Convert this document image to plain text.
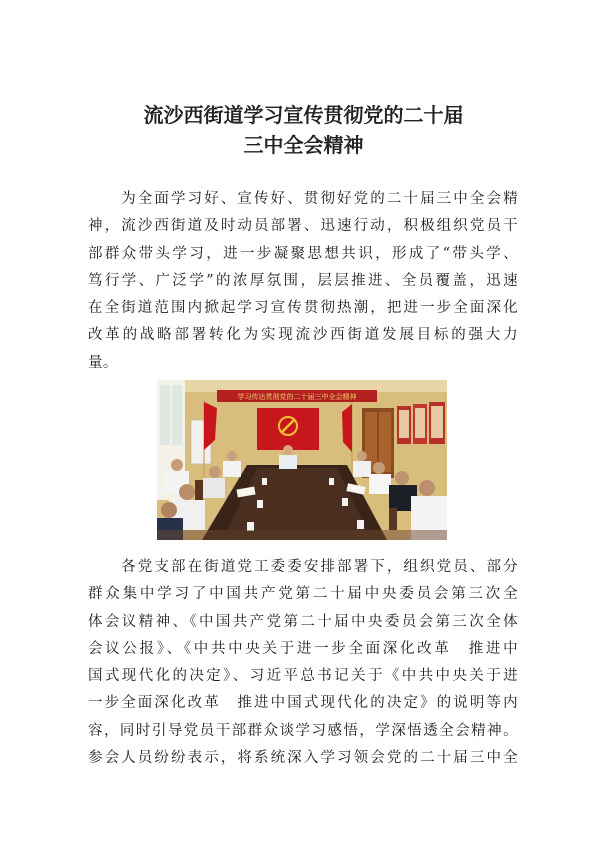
流沙西街道学习宣传贯彻党的二十届
三中全会精神
　　为全面学习好、宣传好、贯彻好党的二十届三中全会精
神，流沙西街道及时动员部署、迅速行动，积极组织党员干
部群众带头学习，进一步凝聚思想共识，形成了“带头学、
笃行学、广泛学”的浓厚氛围，层层推进、全员覆盖，迅速
在全街道范围内掀起学习宣传贯彻热潮，把进一步全面深化
改革的战略部署转化为实现流沙西街道发展目标的强大力
量。
学习传达贯彻党的二十届三中全会精神
　　各党支部在街道党工委委安排部署下，组织党员、部分
群众集中学习了中国共产党第二十届中央委员会第三次全
体会议精神、《中国共产党第二十届中央委员会第三次全体
会议公报》、《中共中央关于进一步全面深化改革　推进中
国式现代化的决定》、习近平总书记关于《中共中央关于进
一步全面深化改革　推进中国式现代化的决定》的说明等内
容，同时引导党员干部群众谈学习感悟，学深悟透全会精神。
参会人员纷纷表示，将系统深入学习领会党的二十届三中全
